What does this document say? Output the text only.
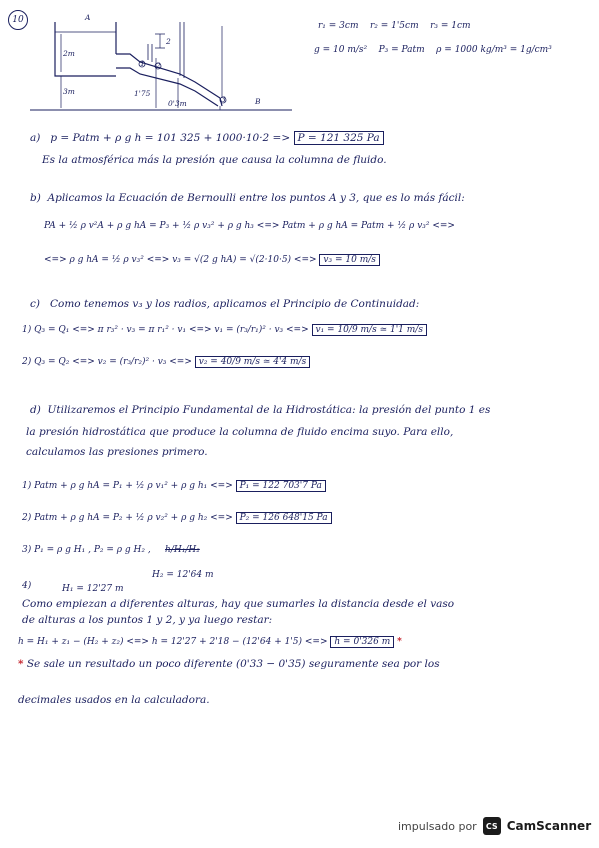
10	A
2m
3m	1'75
2
0'3m
1 2
3	B
r₁ = 3cm r₂ = 1'5cm r₃ = 1cm
g = 10 m/s² P₃ = Patm ρ = 1000 kg/m³ = 1g/cm³
a) p = Patm + ρ g h = 101 325 + 1000·10·2 => P = 121 325 Pa
Es la atmosférica más la presión que causa la columna de fluido.
b) Aplicamos la Ecuación de Bernoulli entre los puntos A y 3, que es lo más fácil:
PA + ½ ρ v²A + ρ g hA = P₃ + ½ ρ v₃² + ρ g h₃ <=> Patm + ρ g hA = Patm + ½ ρ v₃² <=>
<=> ρ g hA = ½ ρ v₃² <=> v₃ = √(2 g hA) = √(2·10·5) <=> v₃ = 10 m/s
c) Como tenemos v₃ y los radios, aplicamos el Principio de Continuidad:
1) Q₃ = Q₁ <=> π r₃² · v₃ = π r₁² · v₁ <=> v₁ = (r₃/r₁)² · v₃ <=> v₁ = 10/9 m/s ≃ 1'1 m/s
2) Q₃ = Q₂ <=> v₂ = (r₃/r₂)² · v₃ <=> v₂ = 40/9 m/s ≃ 4'4 m/s
d) Utilizaremos el Principio Fundamental de la Hidrostática: la presión del punto 1 es
la presión hidrostática que produce la columna de fluido encima suyo. Para ello,
calculamos las presiones primero.
1) Patm + ρ g hA = P₁ + ½ ρ v₁² + ρ g h₁ <=> P₁ = 122 703'7 Pa
2) Patm + ρ g hA = P₂ + ½ ρ v₂² + ρ g h₂ <=> P₂ = 126 648'15 Pa
3) P₁ = ρ g H₁ , P₂ = ρ g H₂ , h/H₁/H₂
4)	H₁ = 12'27 m
H₂ = 12'64 m
Como empiezan a diferentes alturas, hay que sumarles la distancia desde el vaso
de alturas a los puntos 1 y 2, y ya luego restar:
h = H₁ + z₁ − (H₂ + z₂) <=> h = 12'27 + 2'18 − (12'64 + 1'5) <=> h = 0'326 m *
* Se sale un resultado un poco diferente (0'33 − 0'35) seguramente sea por los
decimales usados en la calculadora.
impulsado por	CS CamScanner
